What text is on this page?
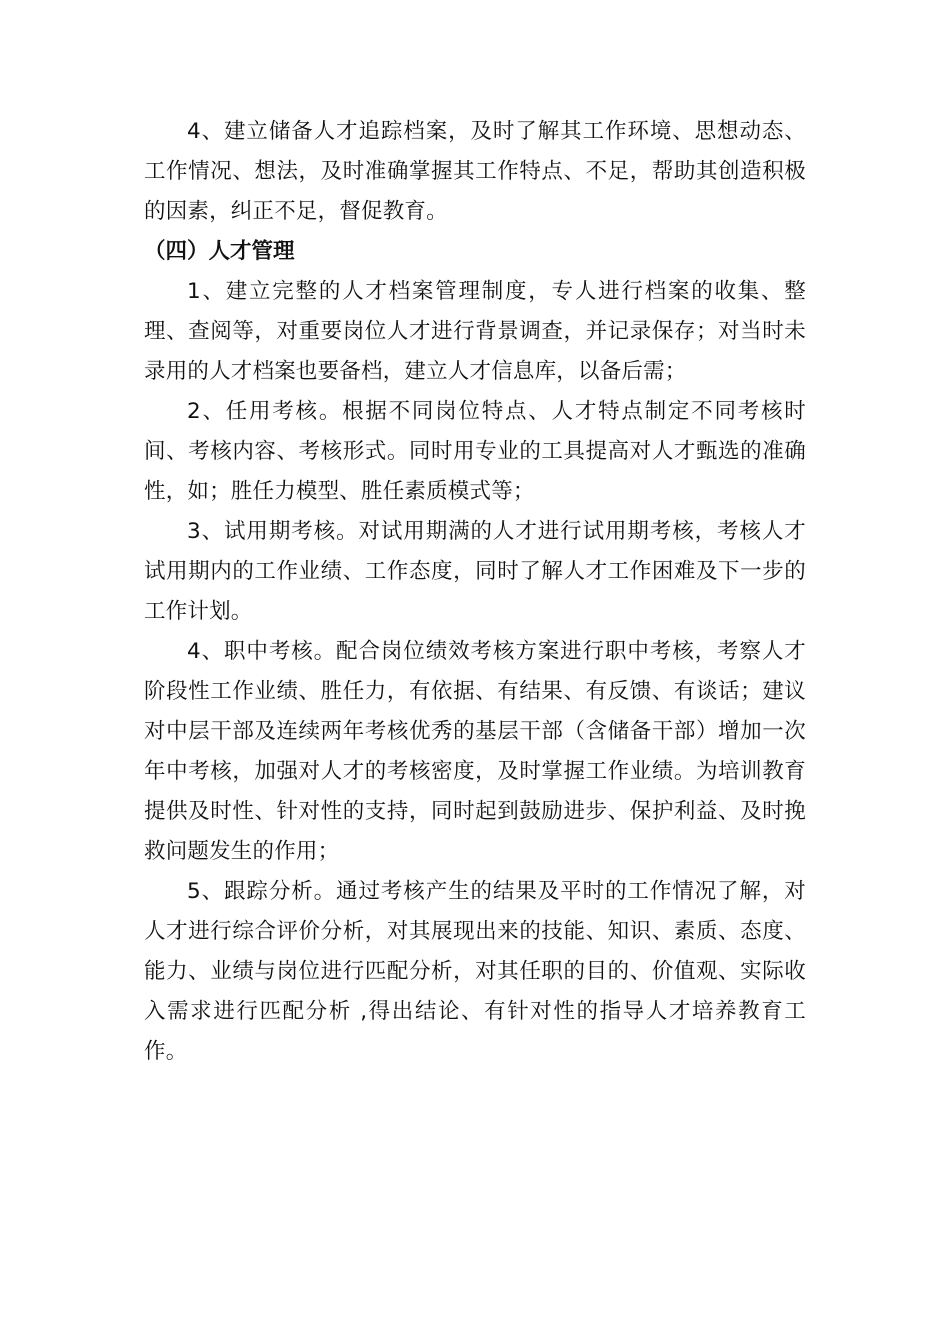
4、建立储备人才追踪档案，及时了解其工作环境、思想动态、工作情况、想法，及时准确掌握其工作特点、不足，帮助其创造积极的因素，纠正不足，督促教育。

（四）人才管理

1、建立完整的人才档案管理制度，专人进行档案的收集、整理、查阅等，对重要岗位人才进行背景调查，并记录保存；对当时未录用的人才档案也要备档，建立人才信息库，以备后需；

2、任用考核。根据不同岗位特点、人才特点制定不同考核时间、考核内容、考核形式。同时用专业的工具提高对人才甄选的准确性，如；胜任力模型、胜任素质模式等；

3、试用期考核。对试用期满的人才进行试用期考核，考核人才试用期内的工作业绩、工作态度，同时了解人才工作困难及下一步的工作计划。

4、职中考核。配合岗位绩效考核方案进行职中考核，考察人才阶段性工作业绩、胜任力，有依据、有结果、有反馈、有谈话；建议对中层干部及连续两年考核优秀的基层干部（含储备干部）增加一次年中考核，加强对人才的考核密度，及时掌握工作业绩。为培训教育提供及时性、针对性的支持，同时起到鼓励进步、保护利益、及时挽救问题发生的作用；

5、跟踪分析。通过考核产生的结果及平时的工作情况了解，对人才进行综合评价分析，对其展现出来的技能、知识、素质、态度、能力、业绩与岗位进行匹配分析，对其任职的目的、价值观、实际收入需求进行匹配分析 ,得出结论、有针对性的指导人才培养教育工作。
